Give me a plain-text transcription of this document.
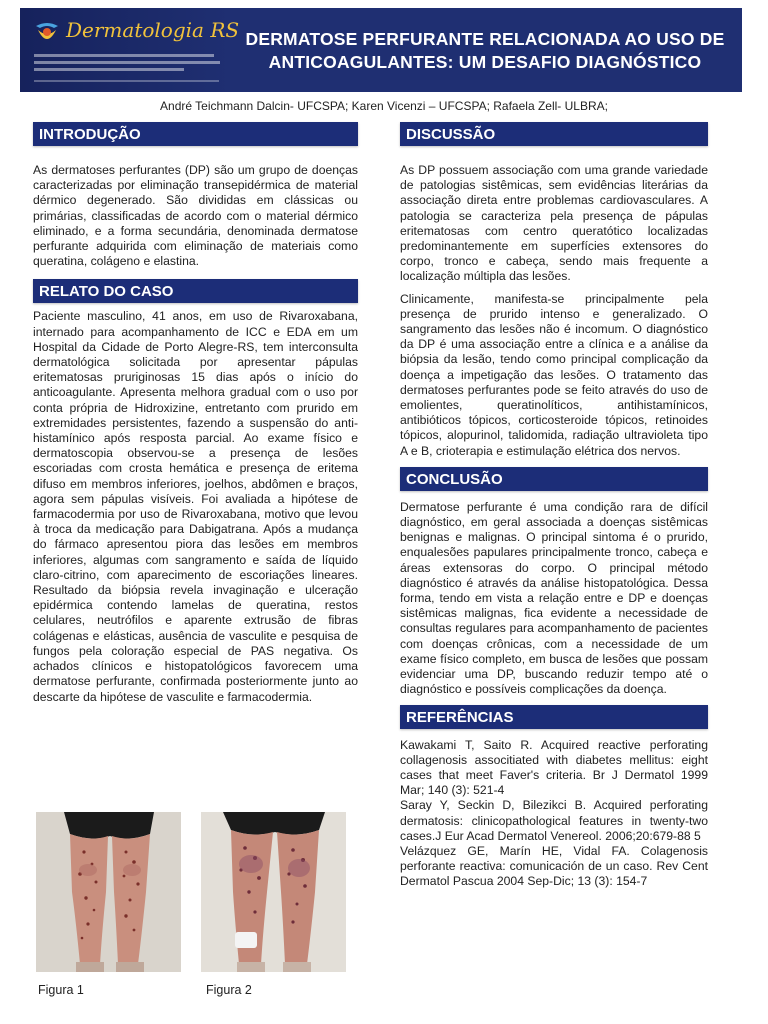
Dermatologia RS DERMATOSE PERFURANTE RELACIONADA AO USO DE
ANTICOAGULANTES: UM DESAFIO DIAGNÓSTICO
André Teichmann Dalcin- UFCSPA; Karen Vicenzi – UFCSPA; Rafaela Zell- ULBRA;
INTRODUÇÃO

As dermatoses perfurantes (DP) são um grupo de doenças caracterizadas por eliminação transepidérmica de material dérmico degenerado. São divididas em clássicas ou primárias, classificadas de acordo com o material dérmico eliminado, e a forma secundária, denominada dermatose perfurante adquirida com eliminação de materiais como queratina, colágeno e elastina.

RELATO DO CASO

Paciente masculino, 41 anos, em uso de Rivaroxabana, internado para acompanhamento de ICC e EDA em um Hospital da Cidade de Porto Alegre-RS, tem interconsulta dermatológica solicitada por apresentar pápulas eritematosas pruriginosas 15 dias após o início do anticoagulante. Apresenta melhora gradual com o uso por conta própria de Hidroxizine, entretanto com prurido em extremidades persistentes, fazendo a suspensão do anti-histamínico após resposta parcial. Ao exame físico e dermatoscopia observou-se a presença de lesões escoriadas com crosta hemática e presença de eritema difuso em membros inferiores, joelhos, abdômen e braços, agora sem pápulas visíveis. Foi avaliada a hipótese de farmacodermia por uso de Rivaroxabana, motivo que levou à troca da medicação para Dabigatrana. Após a mudança do fármaco apresentou piora das lesões em membros inferiores, algumas com sangramento e saída de líquido claro-citrino, com aparecimento de escoriações lineares. Resultado da biópsia revela invaginação e ulceração epidérmica contendo lamelas de queratina, restos celulares, neutrófilos e aparente extrusão de fibras colágenas e elásticas, ausência de vasculite e pesquisa de fungos pela coloração especial de PAS negativa. Os achados clínicos e histopatológicos favorecem uma dermatose perfurante, confirmada posteriormente junto ao descarte da hipótese de vasculite e farmacodermia.

Figura 1	Figura 2
DISCUSSÃO

As DP possuem associação com uma grande variedade de patologias sistêmicas, sem evidências literárias da associação direta entre problemas cardiovasculares. A patologia se caracteriza pela presença de pápulas eritematosas com centro queratótico localizadas predominantemente em superfícies extensores do corpo, tronco e cabeça, sendo mais frequente a localização múltipla das lesões.

Clinicamente, manifesta-se principalmente pela presença de prurido intenso e generalizado. O sangramento das lesões não é incomum. O diagnóstico da DP é uma associação entre a clínica e a análise da biópsia da lesão, tendo como principal complicação da doença a impetigação das lesões. O tratamento das dermatoses perfurantes pode se feito através do uso de emolientes, queratinolíticos, antihistamínicos, antibióticos tópicos, corticosteroide tópicos, retinoides tópicos, alopurinol, talidomida, radiação ultravioleta tipo A e B, crioterapia e estimulação elétrica dos nervos.

CONCLUSÃO

Dermatose perfurante é uma condição rara de difícil diagnóstico, em geral associada a doenças sistêmicas benignas e malignas. O principal sintoma é o prurido, enqualesões papulares principalmente tronco, cabeça e áreas extensoras do corpo. O principal método diagnóstico é através da análise histopatológica. Dessa forma, tendo em vista a relação entre e DP e doenças sistêmicas malignas, fica evidente a necessidade de consultas regulares para acompanhamento de pacientes com doenças crônicas, com a necessidade de um exame físico completo, em busca de lesões que possam evidenciar uma DP, buscando reduzir tempo até o diagnóstico e possíveis complicações da doença.

REFERÊNCIAS

Kawakami T, Saito R. Acquired reactive perforating collagenosis associtiated with diabetes mellitus: eight cases that meet Faver's criteria. Br J Dermatol 1999 Mar; 140 (3): 521-4

Saray Y, Seckin D, Bilezikci B. Acquired perforating dermatosis: clinicopathological features in twenty-two cases.J Eur Acad Dermatol Venereol. 2006;20:679-88 5

Velázquez GE, Marín HE, Vidal FA. Colagenosis perforante reactiva: comunicación de un caso. Rev Cent Dermatol Pascua 2004 Sep-Dic; 13 (3): 154-7
